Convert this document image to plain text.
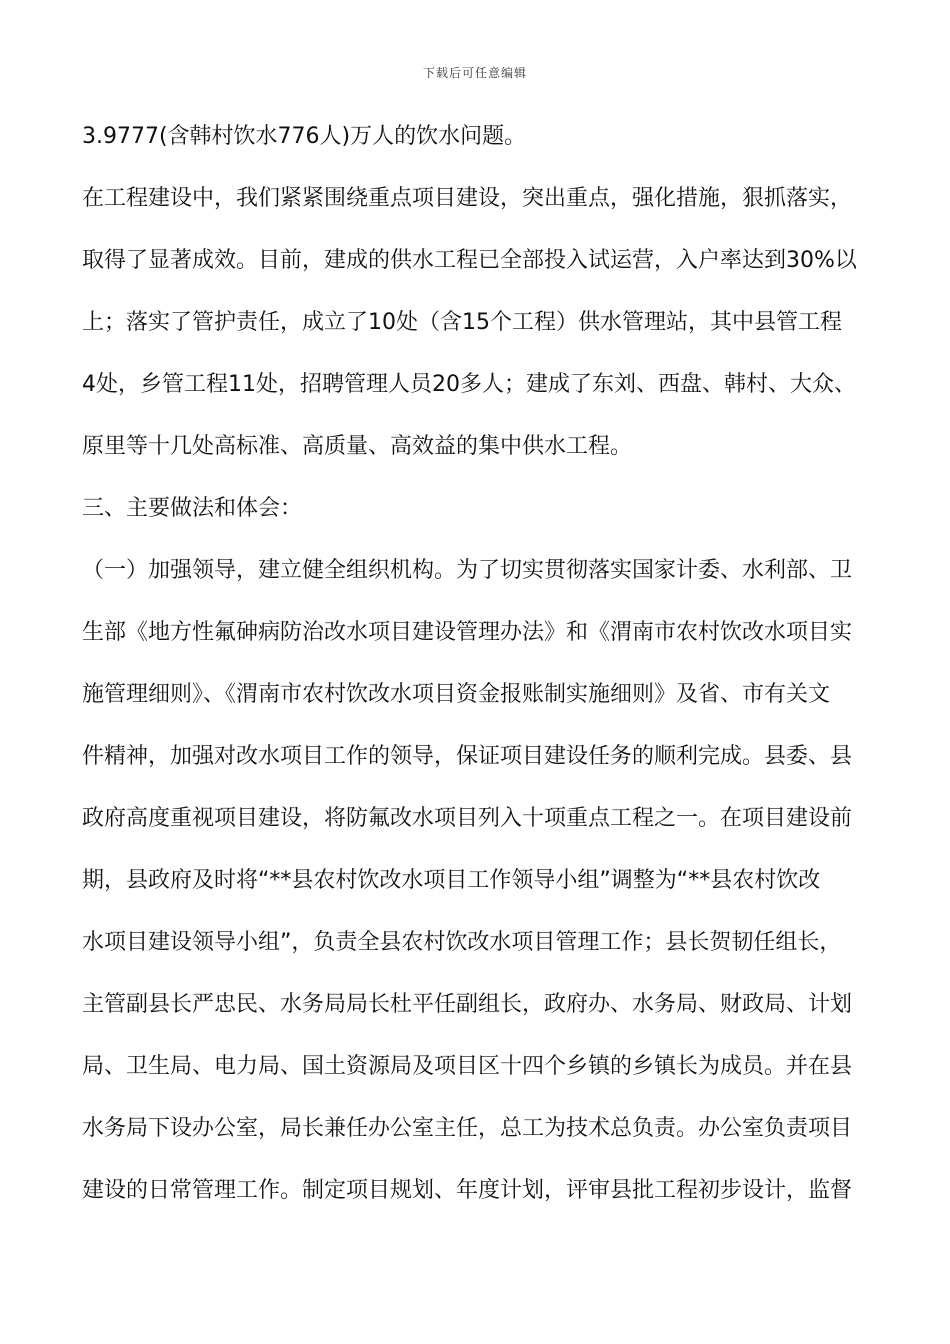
下载后可任意编辑
3.9777(含韩村饮水776人)万人的饮水问题。
在工程建设中，我们紧紧围绕重点项目建设，突出重点，强化措施，狠抓落实，
取得了显著成效。目前，建成的供水工程已全部投入试运营，入户率达到30%以
上；落实了管护责任，成立了10处（含15个工程）供水管理站，其中县管工程
4处，乡管工程11处，招聘管理人员20多人；建成了东刘、西盘、韩村、大众、
原里等十几处高标准、高质量、高效益的集中供水工程。
三、主要做法和体会：
（一）加强领导，建立健全组织机构。为了切实贯彻落实国家计委、水利部、卫
生部《地方性氟砷病防治改水项目建设管理办法》和《渭南市农村饮改水项目实
施管理细则》、《渭南市农村饮改水项目资金报账制实施细则》及省、市有关文
件精神，加强对改水项目工作的领导，保证项目建设任务的顺利完成。县委、县
政府高度重视项目建设，将防氟改水项目列入十项重点工程之一。在项目建设前
期，县政府及时将“**县农村饮改水项目工作领导小组”调整为“**县农村饮改
水项目建设领导小组”，负责全县农村饮改水项目管理工作；县长贺韧任组长，
主管副县长严忠民、水务局局长杜平任副组长，政府办、水务局、财政局、计划
局、卫生局、电力局、国土资源局及项目区十四个乡镇的乡镇长为成员。并在县
水务局下设办公室，局长兼任办公室主任，总工为技术总负责。办公室负责项目
建设的日常管理工作。制定项目规划、年度计划，评审县批工程初步设计，监督
